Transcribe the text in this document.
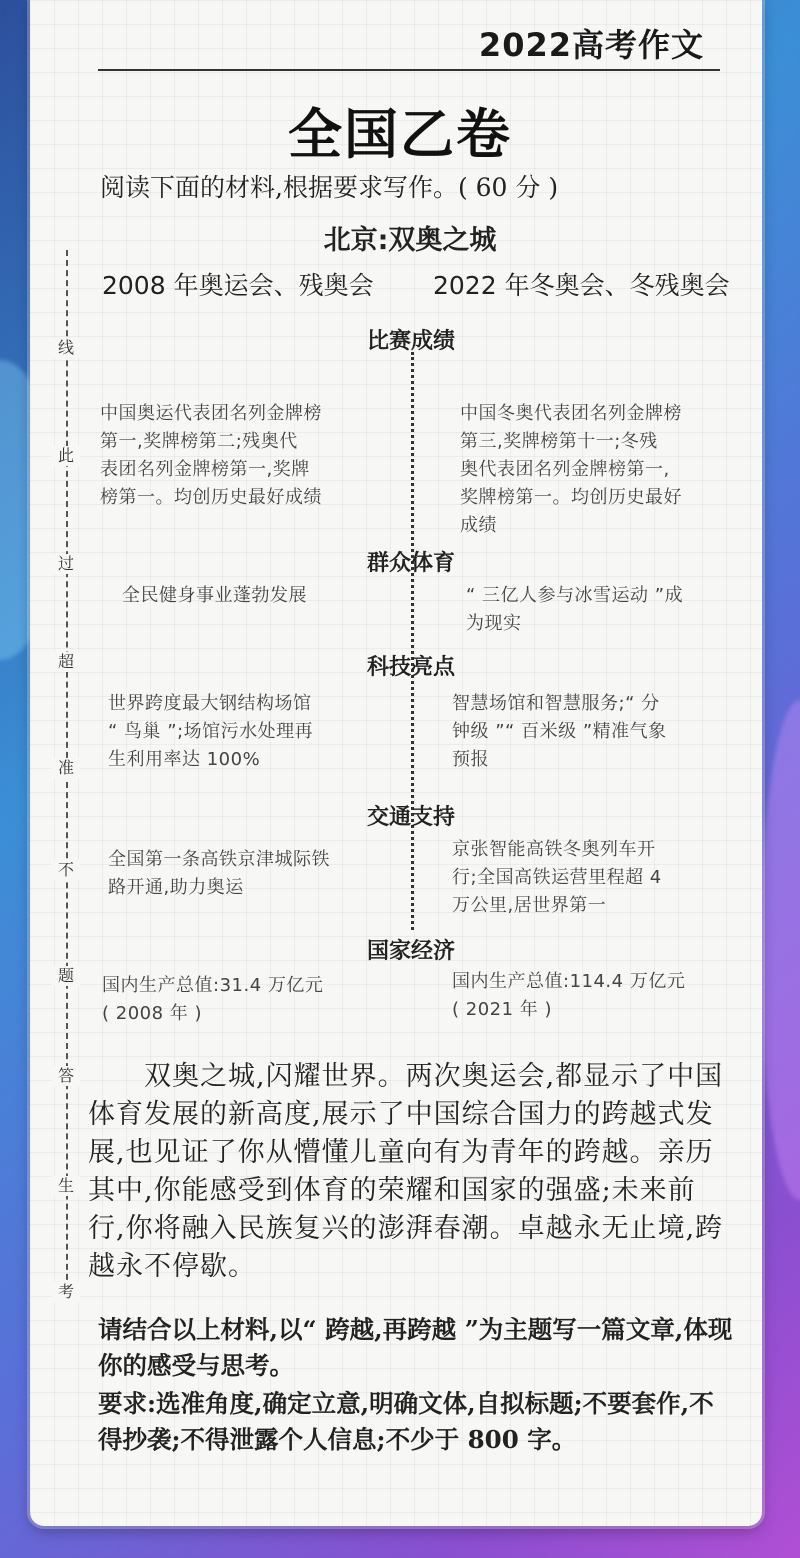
2022高考作文
全国乙卷
阅读下面的材料,根据要求写作。( 60 分 )
北京:双奥之城
2008 年奥运会、残奥会 2022 年冬奥会、冬残奥会
线
此
过
超
准
不
题
答
生
考
比赛成绩
中国奥运代表团名列金牌榜
第一,奖牌榜第二;残奥代
表团名列金牌榜第一,奖牌
榜第一。均创历史最好成绩
中国冬奥代表团名列金牌榜
第三,奖牌榜第十一;冬残
奥代表团名列金牌榜第一,
奖牌榜第一。均创历史最好
成绩
群众体育
全民健身事业蓬勃发展	“ 三亿人参与冰雪运动 ”成
为现实
科技亮点
世界跨度最大钢结构场馆
“ 鸟巢 ”;场馆污水处理再
生利用率达 100%
智慧场馆和智慧服务;“ 分
钟级 ”“ 百米级 ”精准气象
预报
交通支持
全国第一条高铁京津城际铁
路开通,助力奥运
京张智能高铁冬奥列车开
行;全国高铁运营里程超 4
万公里,居世界第一
国家经济
国内生产总值:31.4 万亿元
( 2008 年 )
国内生产总值:114.4 万亿元
( 2021 年 )
双奥之城,闪耀世界。两次奥运会,都显示了中国体育发展的新高度,展示了中国综合国力的跨越式发展,也见证了你从懵懂儿童向有为青年的跨越。亲历其中,你能感受到体育的荣耀和国家的强盛;未来前行,你将融入民族复兴的澎湃春潮。卓越永无止境,跨越永不停歇。
请结合以上材料,以“ 跨越,再跨越 ”为主题写一篇文章,体现你的感受与思考。
要求:选准角度,确定立意,明确文体,自拟标题;不要套作,不得抄袭;不得泄露个人信息;不少于 800 字。
